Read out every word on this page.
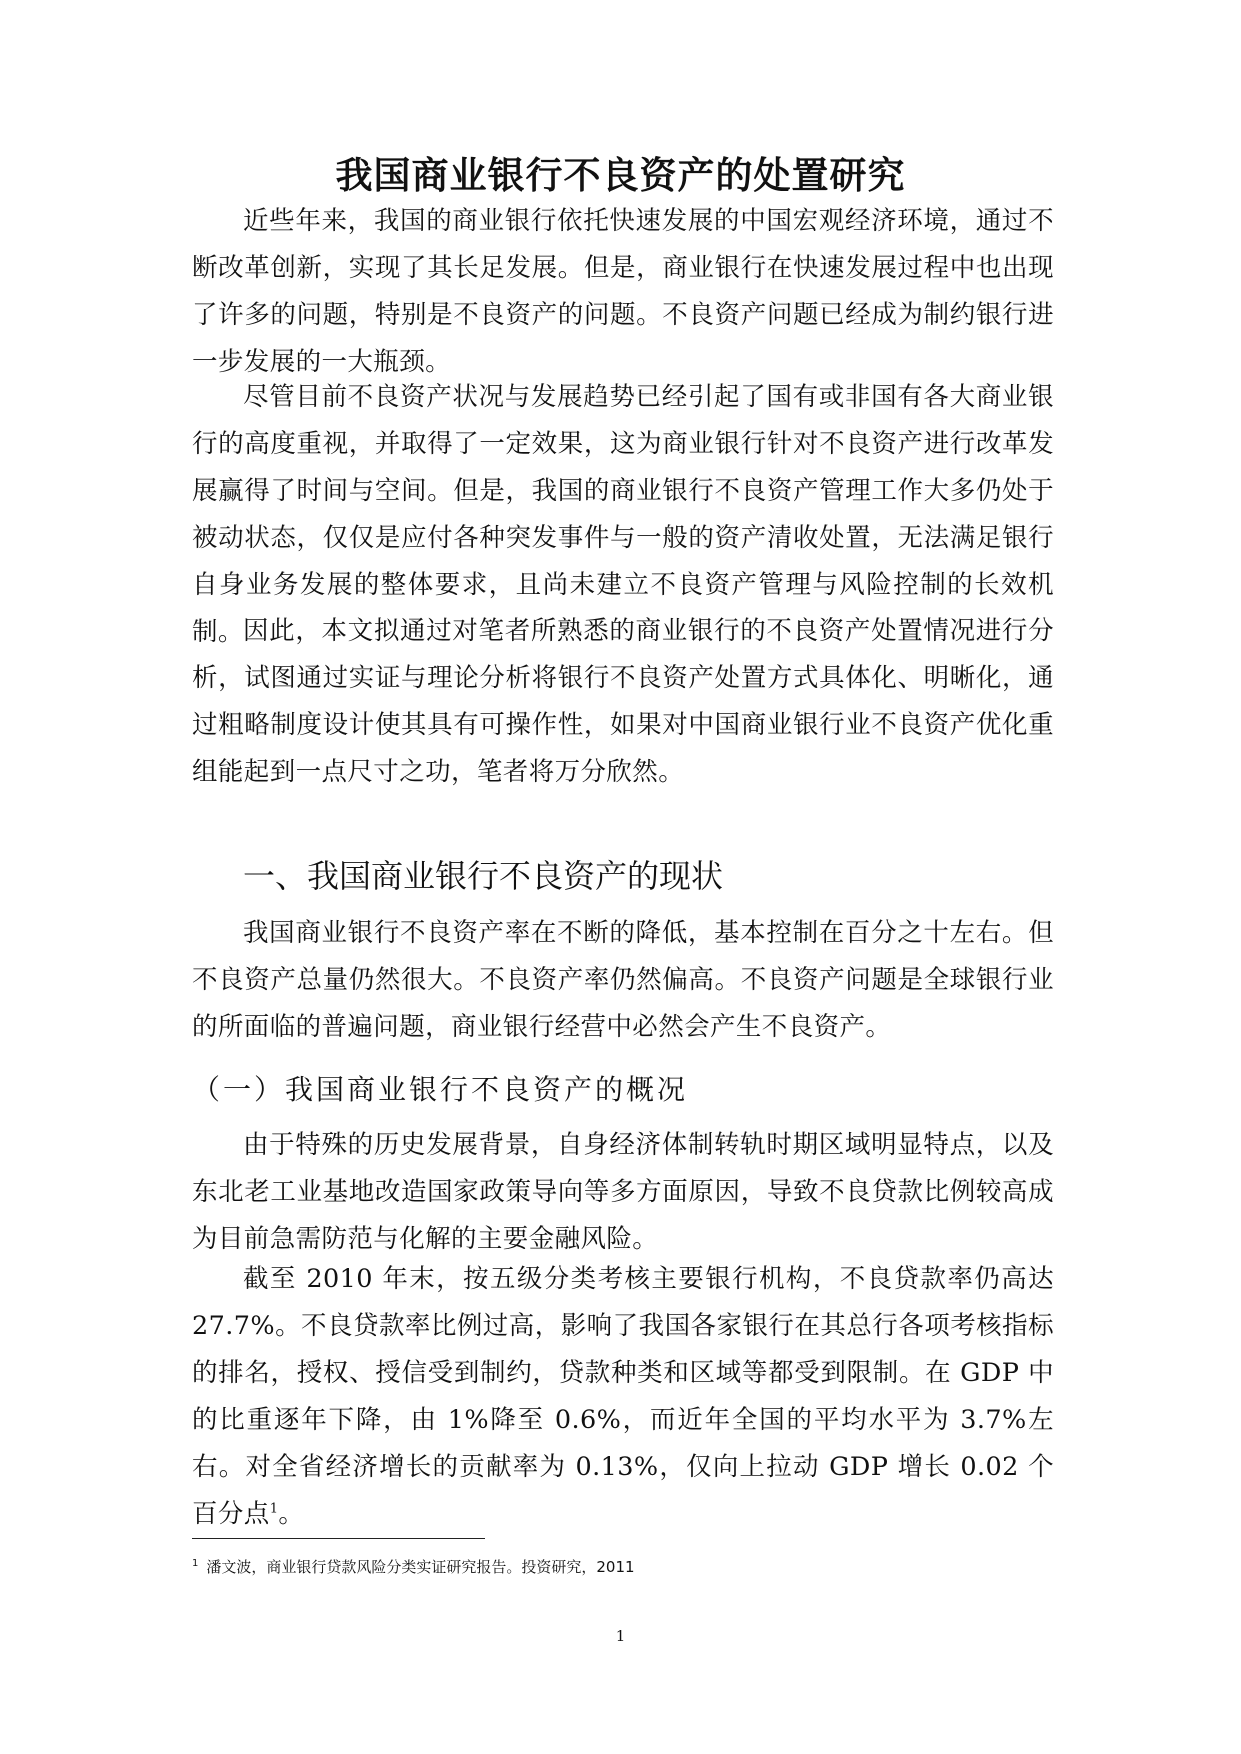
我国商业银行不良资产的处置研究

近些年来，我国的商业银行依托快速发展的中国宏观经济环境，通过不断改革创新，实现了其长足发展。但是，商业银行在快速发展过程中也出现了许多的问题，特别是不良资产的问题。不良资产问题已经成为制约银行进一步发展的一大瓶颈。

尽管目前不良资产状况与发展趋势已经引起了国有或非国有各大商业银行的高度重视，并取得了一定效果，这为商业银行针对不良资产进行改革发展赢得了时间与空间。但是，我国的商业银行不良资产管理工作大多仍处于被动状态，仅仅是应付各种突发事件与一般的资产清收处置，无法满足银行自身业务发展的整体要求，且尚未建立不良资产管理与风险控制的长效机制。 因此，本文拟通过对笔者所熟悉的商业银行的不良资产处置情况进行分析，试图通过实证与理论分析将银行不良资产处置方式具体化、明晰化，通过粗略制度设计使其具有可操作性，如果对中国商业银行业不良资产优化重组能起到一点尺寸之功，笔者将万分欣然。

一、我国商业银行不良资产的现状

我国商业银行不良资产率在不断的降低，基本控制在百分之十左右。但不良资产总量仍然很大。不良资产率仍然偏高。不良资产问题是全球银行业的所面临的普遍问题，商业银行经营中必然会产生不良资产。

（一）我国商业银行不良资产的概况

由于特殊的历史发展背景，自身经济体制转轨时期区域明显特点，以及东北老工业基地改造国家政策导向等多方面原因，导致不良贷款比例较高成为目前急需防范与化解的主要金融风险。

截至 2010 年末，按五级分类考核主要银行机构，不良贷款率仍高达 27.7%。不良贷款率比例过高，影响了我国各家银行在其总行各项考核指标的排名，授权、授信受到制约，贷款种类和区域等都受到限制。在 GDP 中的比重逐年下降，由 1%降至 0.6%，而近年全国的平均水平为 3.7%左右。对全省经济增长的贡献率为 0.13%，仅向上拉动 GDP 增长 0.02 个百分点$^1$。

$^1$ 潘文波，商业银行贷款风险分类实证研究报告。投资研究，2011

1
